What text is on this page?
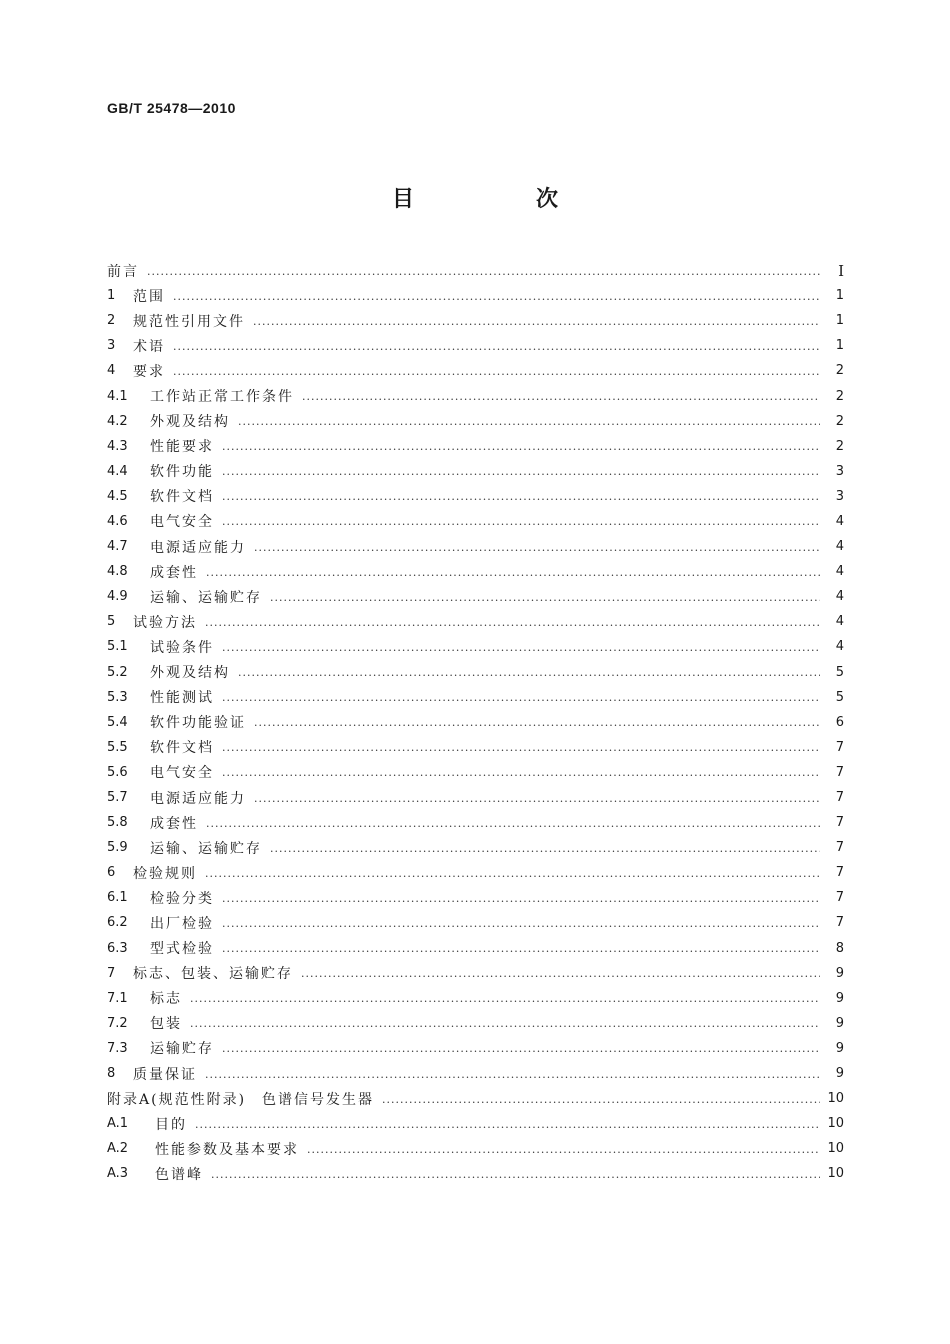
GB/T 25478—2010
目　次
前言 ·····	Ⅰ
1	范围 ·····	1
2	规范性引用文件 ·····	1
3	术语 ·····	1
4	要求 ·····	2
4.1	工作站正常工作条件 ·····	2
4.2	外观及结构 ·····	2
4.3	性能要求 ·····	2
4.4	软件功能 ·····	3
4.5	软件文档 ·····	3
4.6	电气安全 ·····	4
4.7	电源适应能力 ·····	4
4.8	成套性 ·····	4
4.9	运输、运输贮存 ·····	4
5	试验方法 ·····	4
5.1	试验条件 ·····	4
5.2	外观及结构 ·····	5
5.3	性能测试 ·····	5
5.4	软件功能验证 ·····	6
5.5	软件文档 ·····	7
5.6	电气安全 ·····	7
5.7	电源适应能力 ·····	7
5.8	成套性 ·····	7
5.9	运输、运输贮存 ·····	7
6	检验规则 ·····	7
6.1	检验分类 ·····	7
6.2	出厂检验 ·····	7
6.3	型式检验 ·····	8
7	标志、包装、运输贮存 ·····	9
7.1	标志 ·····	9
7.2	包装 ·····	9
7.3	运输贮存 ·····	9
8	质量保证 ·····	9
附录A(规范性附录)　色谱信号发生器 ·····	10
A.1	目的 ·····	10
A.2	性能参数及基本要求 ·····	10
A.3	色谱峰 ·····	10
